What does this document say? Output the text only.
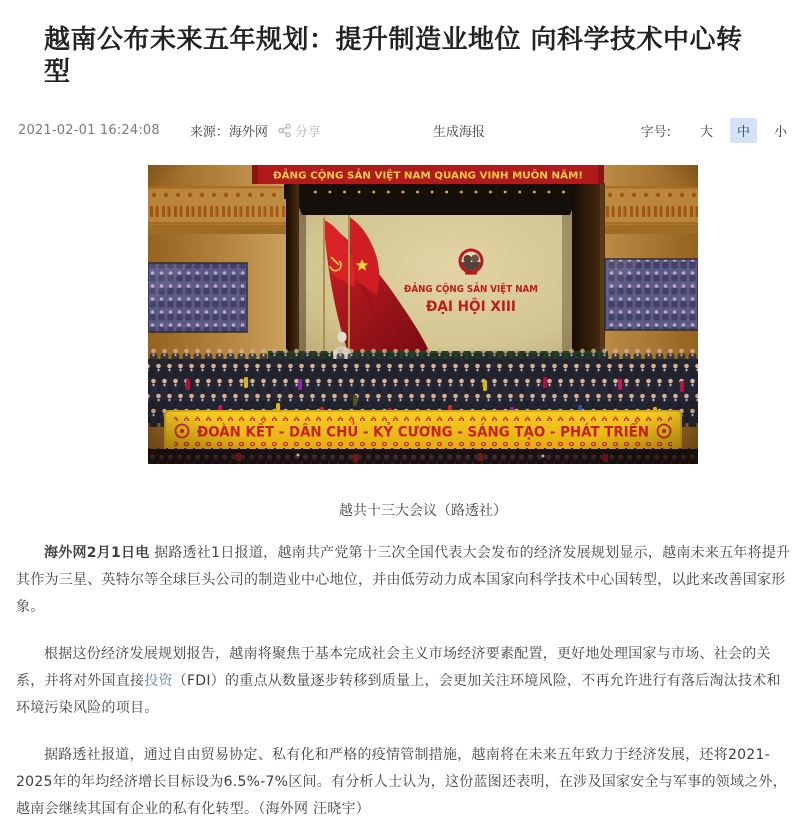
越南公布未来五年规划：提升制造业地位 向科学技术中心转型
2021-02-01 16:24:08 来源：海外网 分享	生成海报	字号:	大	中	小
越共十三大会议（路透社）

海外网2月1日电 据路透社1日报道，越南共产党第十三次全国代表大会发布的经济发展规划显示，越南未来五年将提升其作为三星、英特尔等全球巨头公司的制造业中心地位，并由低劳动力成本国家向科学技术中心国转型，以此来改善国家形象。

根据这份经济发展规划报告，越南将聚焦于基本完成社会主义市场经济要素配置，更好地处理国家与市场、社会的关系，并将对外国直接投资（FDI）的重点从数量逐步转移到质量上，会更加关注环境风险，不再允许进行有落后淘汰技术和环境污染风险的项目。

据路透社报道，通过自由贸易协定、私有化和严格的疫情管制措施，越南将在未来五年致力于经济发展，还将2021-2025年的年均经济增长目标设为6.5%-7%区间。有分析人士认为，这份蓝图还表明，在涉及国家安全与军事的领域之外，越南会继续其国有企业的私有化转型。（海外网 汪晓宇）
